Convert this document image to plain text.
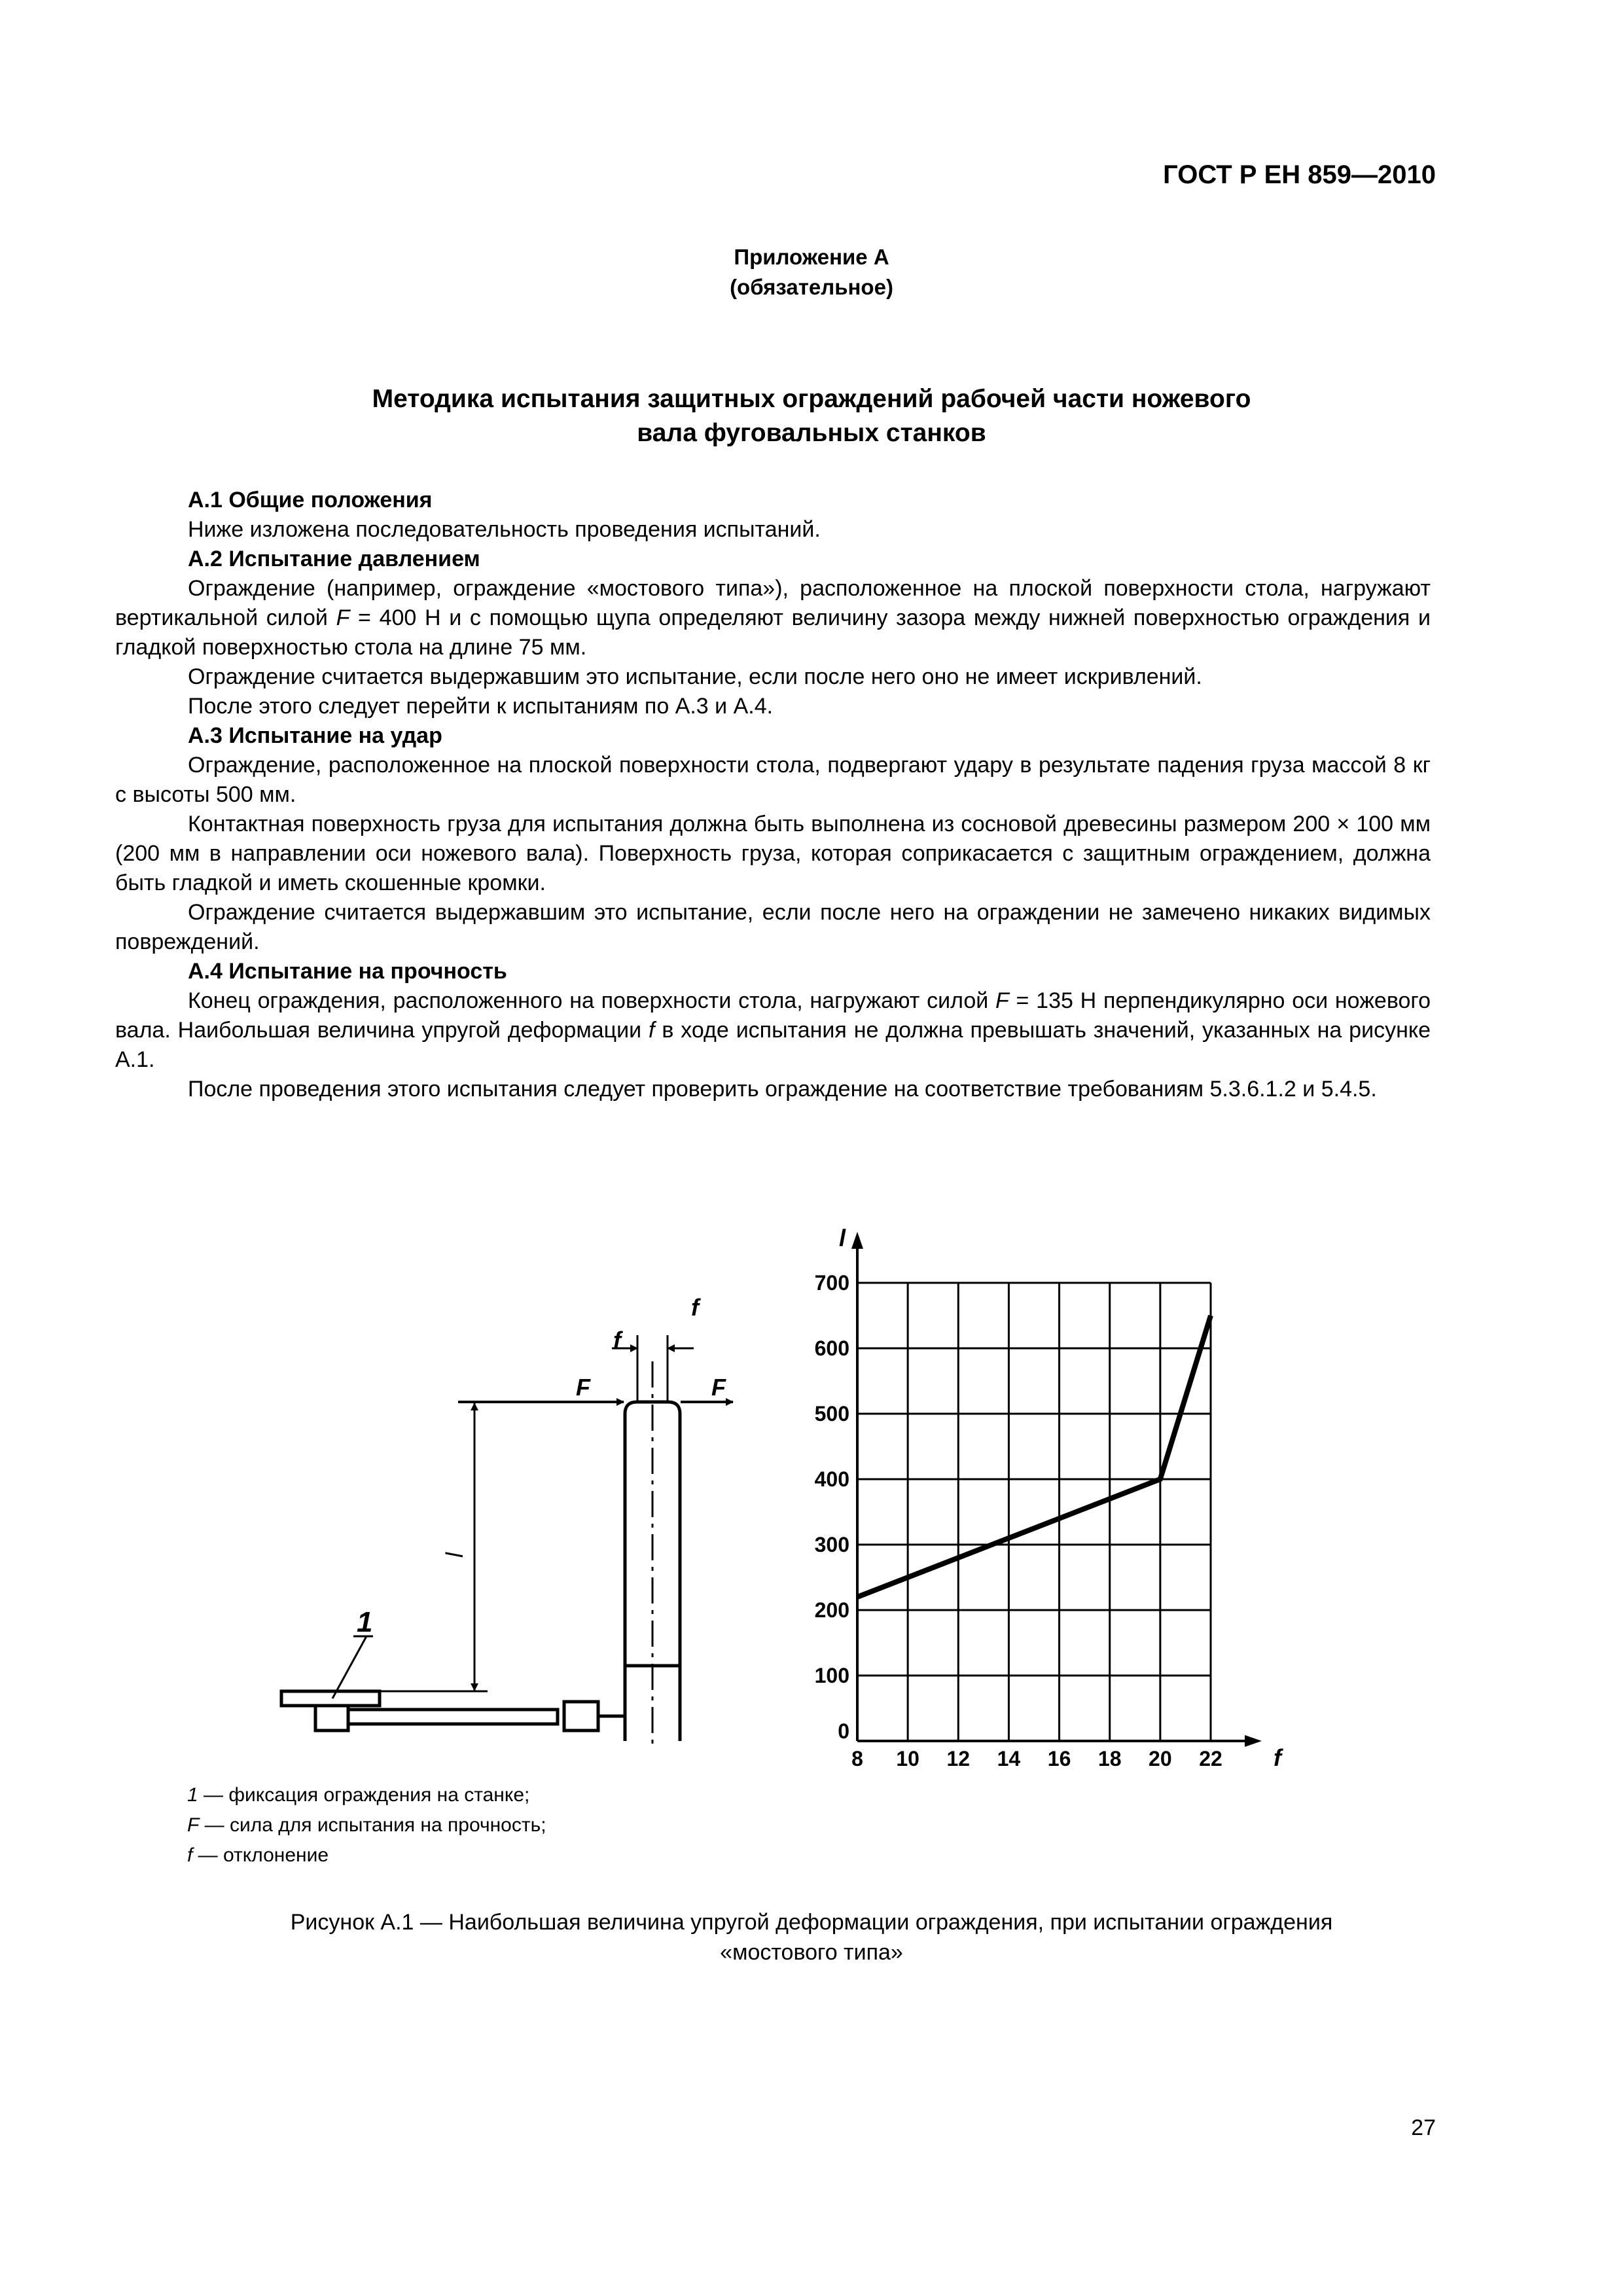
ГОСТ Р ЕН 859—2010
Приложение А
(обязательное)
Методика испытания защитных ограждений рабочей части ножевого
вала фуговальных станков
А.1 Общие положения

Ниже изложена последовательность проведения испытаний.

А.2 Испытание давлением

Ограждение (например, ограждение «мостового типа»), расположенное на плоской поверхности стола, нагружают вертикальной силой F = 400 Н и с помощью щупа определяют величину зазора между нижней поверхностью ограждения и гладкой поверхностью стола на длине 75 мм.

Ограждение считается выдержавшим это испытание, если после него оно не имеет искривлений.

После этого следует перейти к испытаниям по А.3 и А.4.

А.3 Испытание на удар

Ограждение, расположенное на плоской поверхности стола, подвергают удару в результате падения груза массой 8 кг с высоты 500 мм.

Контактная поверхность груза для испытания должна быть выполнена из сосновой древесины размером 200 × 100 мм (200 мм в направлении оси ножевого вала). Поверхность груза, которая соприкасается с защитным ограждением, должна быть гладкой и иметь скошенные кромки.

Ограждение считается выдержавшим это испытание, если после него на ограждении не замечено никаких видимых повреждений.

А.4 Испытание на прочность

Конец ограждения, расположенного на поверхности стола, нагружают силой F = 135 Н перпендикулярно оси ножевого вала. Наибольшая величина упругой деформации f в ходе испытания не должна превышать значений, указанных на рисунке А.1.

После проведения этого испытания следует проверить ограждение на соответствие требованиям 5.3.6.1.2 и 5.4.5.

1
F	F
f
f
l
8 10 12 14 16 18 20 22
0
100
200
300
400
500
600
700
f
l
1 — фиксация ограждения на станке;
F — сила для испытания на прочность;
f — отклонение
Рисунок А.1 — Наибольшая величина упругой деформации ограждения, при испытании ограждения
«мостового типа»
27
